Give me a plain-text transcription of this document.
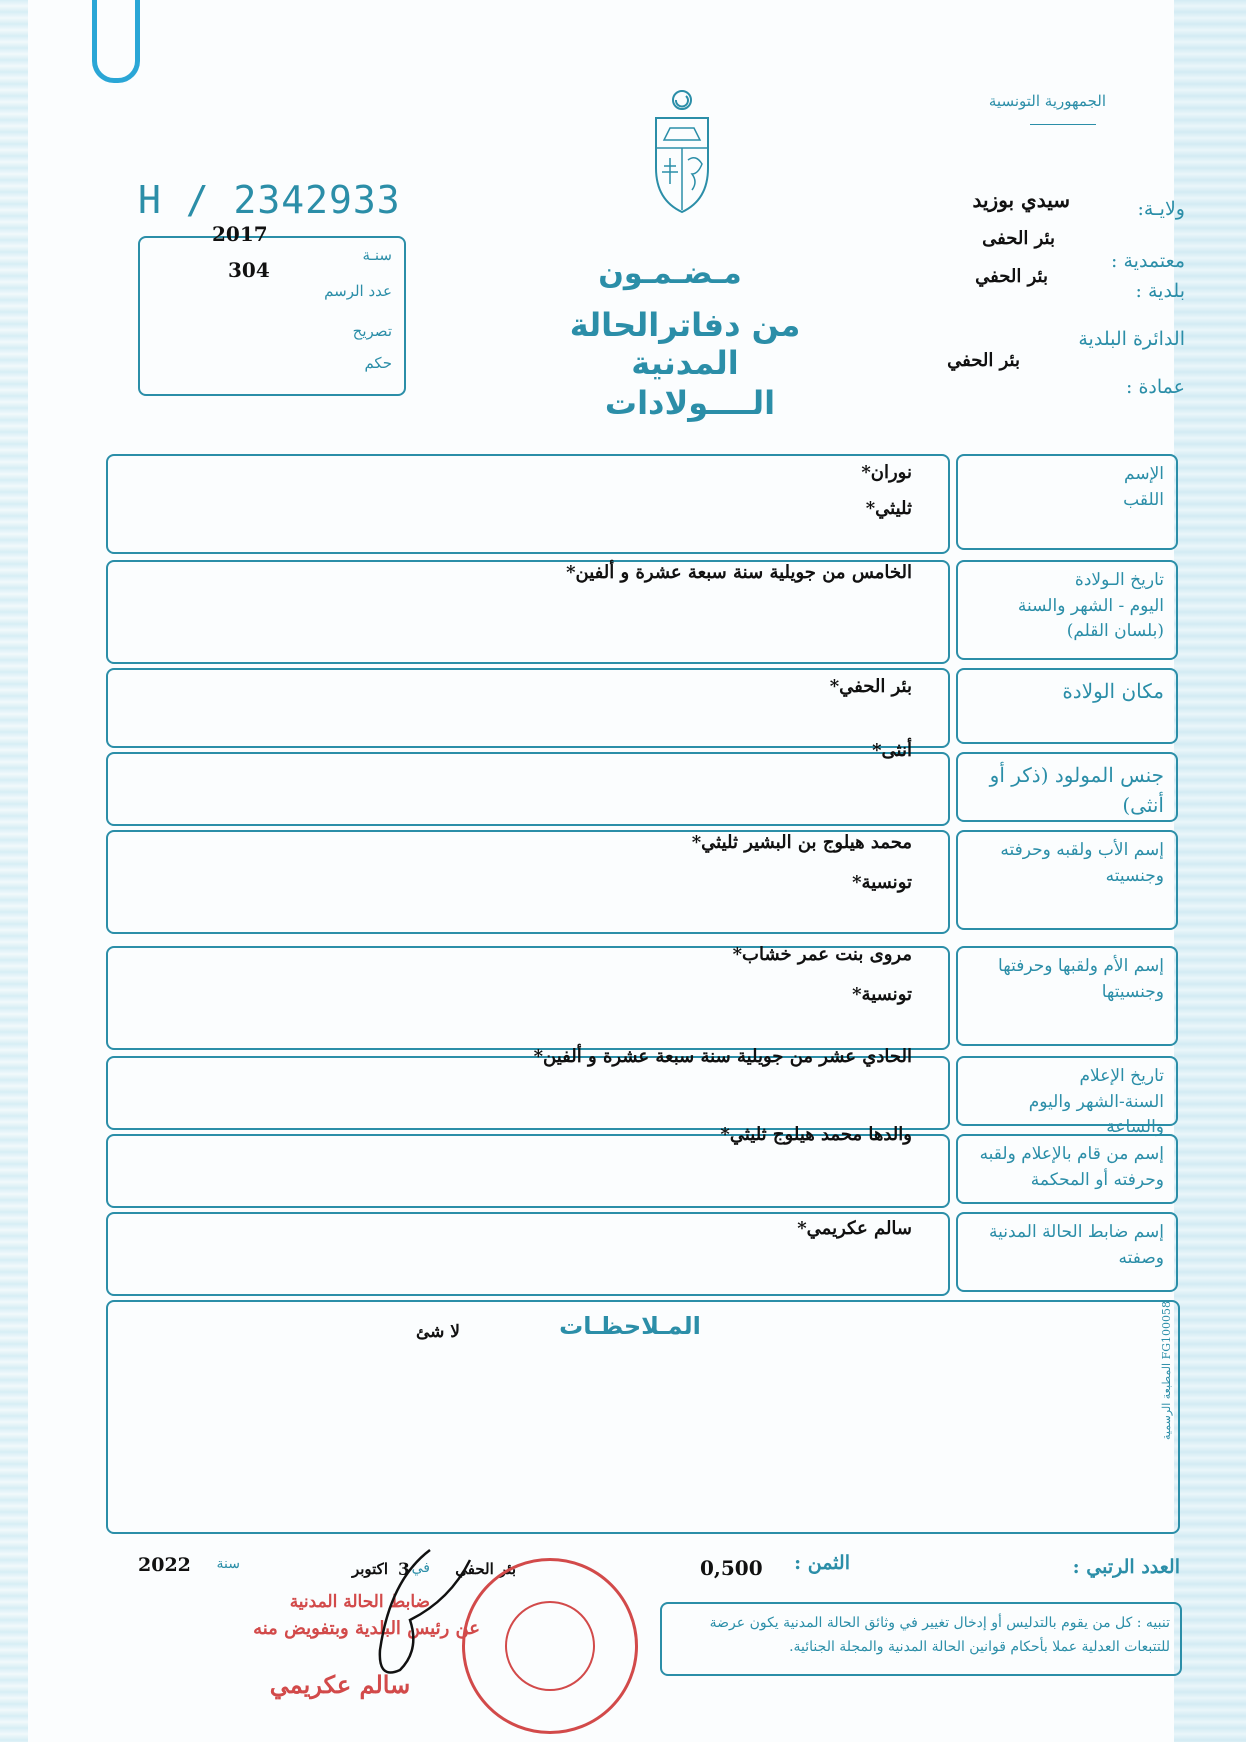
الجمهورية التونسية
H / 2342933
2017
304
سنـة
عدد الرسم
تصريح
حكم
سيدي بوزيد	ولايـة:
بئر الحفى
معتمدية :
بئر الحفي
بلدية :
الدائرة البلدية
بئر الحفي
عمادة :
مـضـمـون
من دفاترالحالة المدنية
الــــولادات
الإسم
اللقب
نوران*
ثليثي*
تاريخ الـولادة
اليوم - الشهر والسنة
(بلسان القلم)
الخامس من جويلية سنة سبعة عشرة و ألفين*
مكان الولادة
بئر الحفي*
جنس المولود (ذكر أو أنثى)
أنثى*
إسم الأب ولقبه وحرفته
وجنسيته
محمد هيلوج بن البشير ثليثي*
تونسية*
إسم الأم ولقبها وحرفتها
وجنسيتها
مروى بنت عمر خشاب*
تونسية*
تاريخ الإعلام
السنة-الشهر واليوم والساعة
الحادي عشر من جويلية سنة سبعة عشرة و ألفين*
إسم من قام بالإعلام ولقبه
وحرفته أو المحكمة
والدها محمد هيلوج ثليثي*
إسم ضابط الحالة المدنية
وصفته
سالم عكريمي*
المـلاحظـات
لا شئ
المطبعة الرسمية FG100058
العدد الرتبي :
الثمن :
0,500
بئر الحفي
في
3
اكتوبر
سنة
2022
تنبيه : كل من يقوم بالتدليس أو إدخال تغيير في وثائق الحالة المدنية يكون عرضة للتتبعات العدلية عملا بأحكام قوانين الحالة المدنية والمجلة الجنائية.
ضابط الحالة المدنية
عن رئيس البلدية وبتفويض منه
سالم عكريمي
